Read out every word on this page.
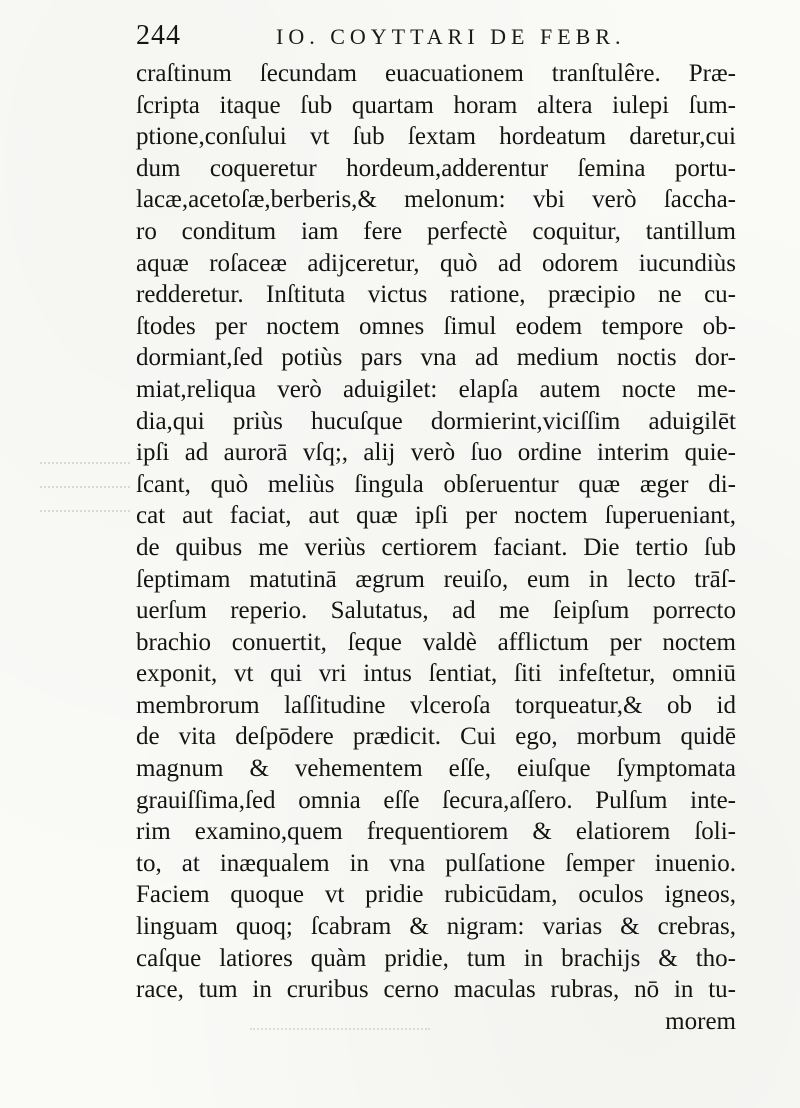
244	IO. COYTTARI DE FEBR.
craſtinum ſecundam euacuationem tranſtulêre. Præ-
ſcripta itaque ſub quartam horam altera iulepi ſum-
ptione,conſului vt ſub ſextam hordeatum daretur,cui
dum coqueretur hordeum,adderentur ſemina portu-
lacæ,acetoſæ,berberis,& melonum: vbi verò ſaccha-
ro conditum iam fere perfectè coquitur, tantillum
aquæ roſaceæ adijceretur, quò ad odorem iucundiùs
redderetur. Inſtituta victus ratione, præcipio ne cu-
ſtodes per noctem omnes ſimul eodem tempore ob-
dormiant,ſed potiùs pars vna ad medium noctis dor-
miat,reliqua verò aduigilet: elapſa autem nocte me-
dia,qui priùs hucuſque dormierint,viciſſim aduigilēt
ipſi ad aurorā vſq;, alij verò ſuo ordine interim quie-
ſcant, quò meliùs ſingula obſeruentur quæ æger di-
cat aut faciat, aut quæ ipſi per noctem ſuperueniant,
de quibus me veriùs certiorem faciant. Die tertio ſub
ſeptimam matutinā ægrum reuiſo, eum in lecto trāſ-
uerſum reperio. Salutatus, ad me ſeipſum porrecto
brachio conuertit, ſeque valdè afflictum per noctem
exponit, vt qui vri intus ſentiat, ſiti infeſtetur, omniū
membrorum laſſitudine vlceroſa torqueatur,& ob id
de vita deſpōdere prædicit. Cui ego, morbum quidē
magnum & vehementem eſſe, eiuſque ſymptomata
grauiſſima,ſed omnia eſſe ſecura,aſſero. Pulſum inte-
rim examino,quem frequentiorem & elatiorem ſoli-
to, at inæqualem in vna pulſatione ſemper inuenio.
Faciem quoque vt pridie rubicūdam, oculos igneos,
linguam quoq; ſcabram & nigram: varias & crebras,
caſque latiores quàm pridie, tum in brachijs & tho-
race, tum in cruribus cerno maculas rubras, nō in tu-
morem
